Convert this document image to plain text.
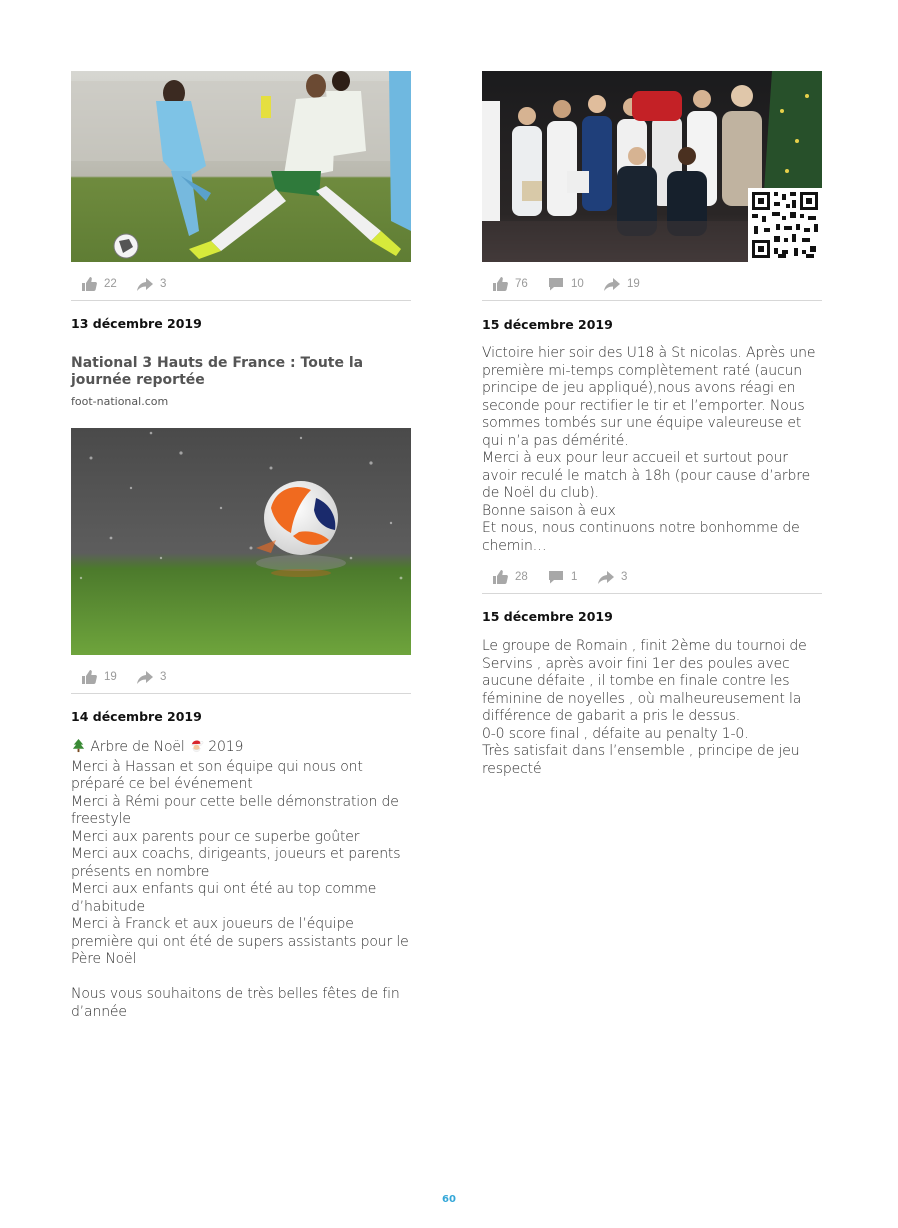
22	3
13 décembre 2019
National 3 Hauts de France : Toute la journée reportée
foot-national.com
19	3
14 décembre 2019

Arbre de Noël 2019

Merci à Hassan et son équipe qui nous ont préparé ce bel événement

Merci à Rémi pour cette belle démonstration de freestyle

Merci aux parents pour ce superbe goûter

Merci aux coachs, dirigeants, joueurs et parents présents en nombre

Merci aux enfants qui ont été au top comme d’habitude

Merci à Franck et aux joueurs de l’équipe première qui ont été de supers assistants pour le Père Noël

Nous vous souhaitons de très belles fêtes de fin d’année

76	10	19
15 décembre 2019

Victoire hier soir des U18 à St nicolas. Après une première mi-temps complètement raté (aucun principe de jeu appliqué),nous avons réagi en seconde pour rectifier le tir et l’emporter. Nous sommes tombés sur une équipe valeureuse et qui n’a pas démérité.

Merci à eux pour leur accueil et surtout pour avoir reculé le match à 18h (pour cause d’arbre de Noël du club).

Bonne saison à eux

Et nous, nous continuons notre bonhomme de chemin…

28	1	3
15 décembre 2019

Le groupe de Romain , finit 2ème du tournoi de Servins , après avoir fini 1er des poules avec aucune défaite , il tombe en finale contre les féminine de noyelles , où malheureusement la différence de gabarit a pris le dessus.

0-0 score final , défaite au penalty 1-0.

Très satisfait dans l’ensemble , principe de jeu respecté

60
